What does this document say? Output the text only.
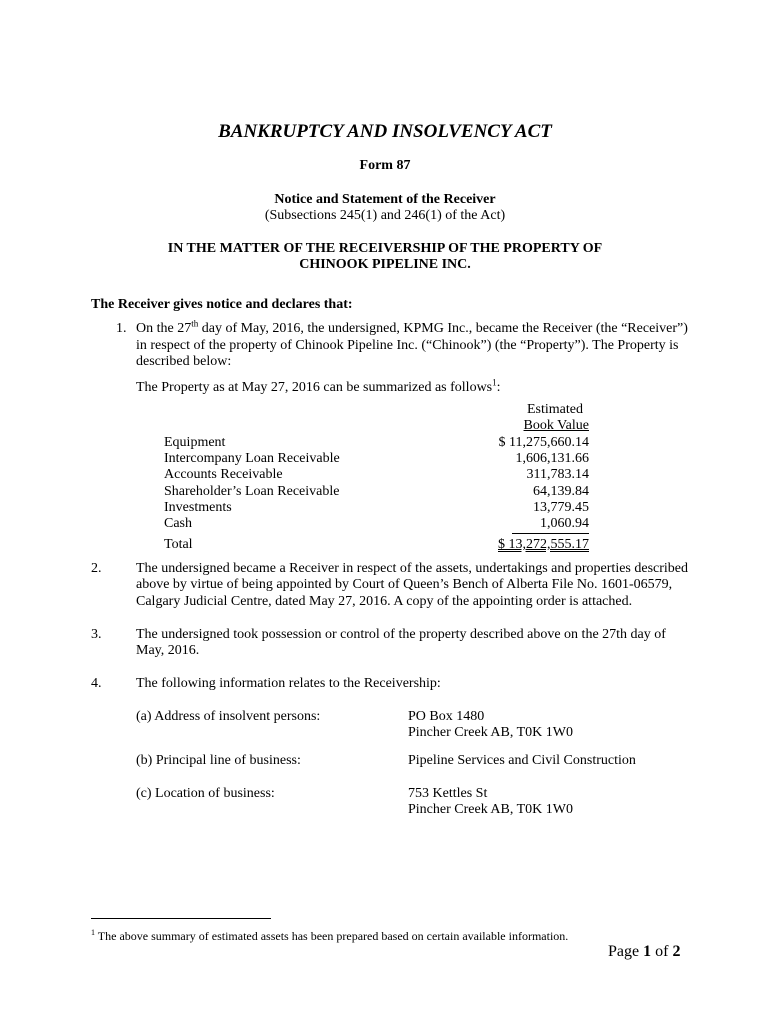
BANKRUPTCY AND INSOLVENCY ACT
Form 87
Notice and Statement of the Receiver
(Subsections 245(1) and 246(1) of the Act)
IN THE MATTER OF THE RECEIVERSHIP OF THE PROPERTY OF
CHINOOK PIPELINE INC.
The Receiver gives notice and declares that:
1. On the 27th day of May, 2016, the undersigned, KPMG Inc., became the Receiver (the “Receiver”)
in respect of the property of Chinook Pipeline Inc. (“Chinook”) (the “Property”). The Property is
described below:
The Property as at May 27, 2016 can be summarized as follows$^1$:
Estimated
Book Value
Equipment	$ 11,275,660.14
Intercompany Loan Receivable	1,606,131.66
Accounts Receivable	311,783.14
Shareholder’s Loan Receivable	64,139.84
Investments	13,779.45
Cash	1,060.94
Total	$ 13,272,555.17
2. The undersigned became a Receiver in respect of the assets, undertakings and properties described
above by virtue of being appointed by Court of Queen’s Bench of Alberta File No. 1601-06579,
Calgary Judicial Centre, dated May 27, 2016. A copy of the appointing order is attached.
3. The undersigned took possession or control of the property described above on the 27th day of
May, 2016.
4. The following information relates to the Receivership:
(a) Address of insolvent persons:	PO Box 1480
Pincher Creek AB, T0K 1W0
(b) Principal line of business:	Pipeline Services and Civil Construction
(c) Location of business:	753 Kettles St
Pincher Creek AB, T0K 1W0
$^1$ The above summary of estimated assets has been prepared based on certain available information.
Page 1 of 2
